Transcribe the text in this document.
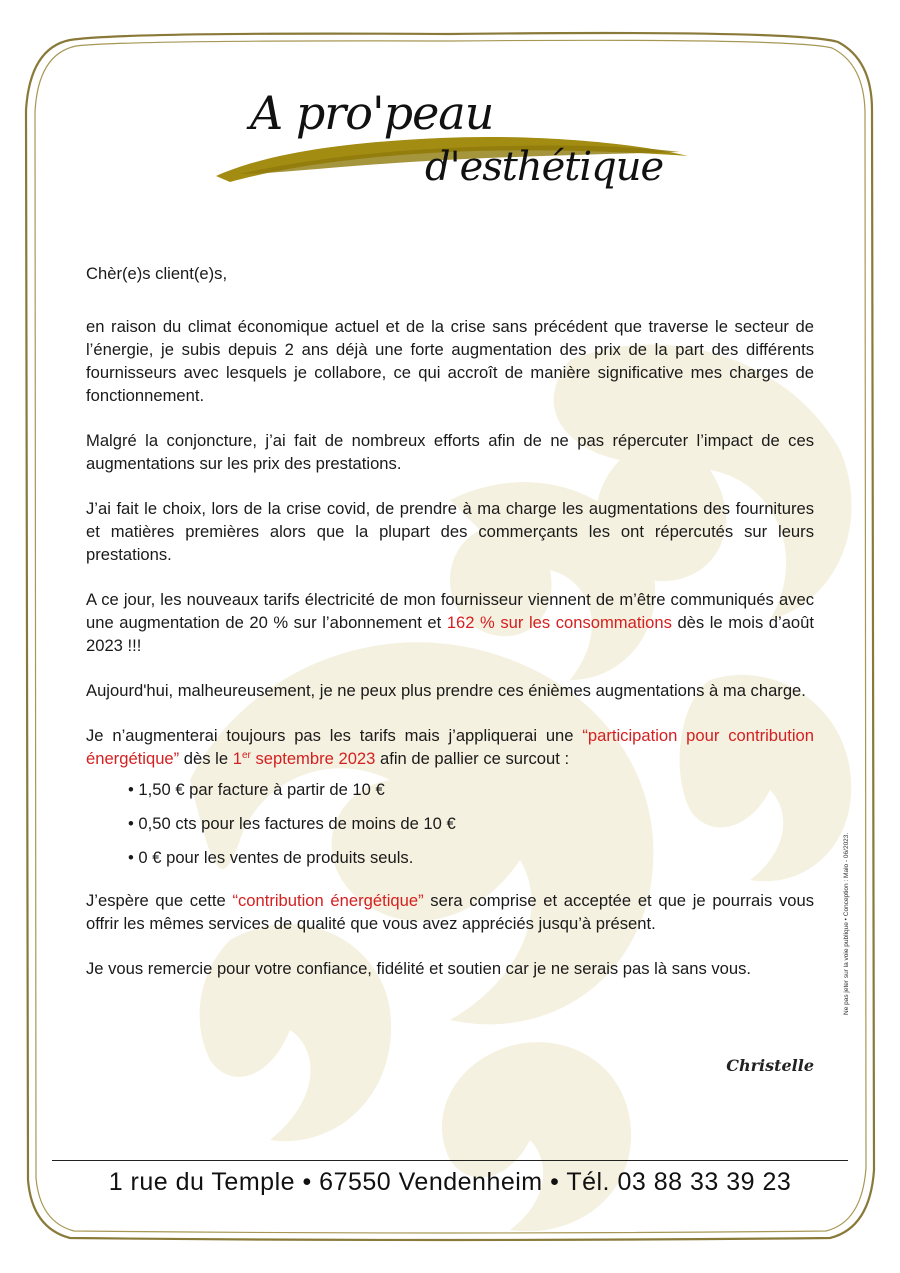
A pro'peau
d'esthétique

Chèr(e)s client(e)s,

en raison du climat économique actuel et de la crise sans précédent que traverse le secteur de l’énergie, je subis depuis 2 ans déjà une forte augmentation des prix de la part des différents fournisseurs avec lesquels je collabore, ce qui accroît de manière significative mes charges de fonctionnement.

Malgré la conjoncture, j’ai fait de nombreux efforts afin de ne pas répercuter l’impact de ces augmentations sur les prix des prestations.

J’ai fait le choix, lors de la crise covid, de prendre à ma charge les augmentations des fournitures et matières premières alors que la plupart des commerçants les ont répercutés sur leurs prestations.

A ce jour, les nouveaux tarifs électricité de mon fournisseur viennent de m’être communiqués avec une augmentation de 20 % sur l’abonnement et 162 % sur les consommations dès le mois d’août 2023 !!!

Aujourd'hui, malheureusement, je ne peux plus prendre ces énièmes augmentations à ma charge.

Je n’augmenterai toujours pas les tarifs mais j’appliquerai une “participation pour contribution énergétique” dès le 1er septembre 2023 afin de pallier ce surcout :

• 1,50 € par facture à partir de 10 €
• 0,50 cts pour les factures de moins de 10 €
• 0 € pour les ventes de produits seuls.

J’espère que cette “contribution énergétique” sera comprise et acceptée et que je pourrais vous offrir les mêmes services de qualité que vous avez appréciés jusqu’à présent.

Je vous remercie pour votre confiance, fidélité et soutien car je ne serais pas là sans vous.

Christelle
Ne pas jeter sur la voie publique • Conception : Malo - 06/2023.
1 rue du Temple • 67550 Vendenheim • Tél. 03 88 33 39 23
